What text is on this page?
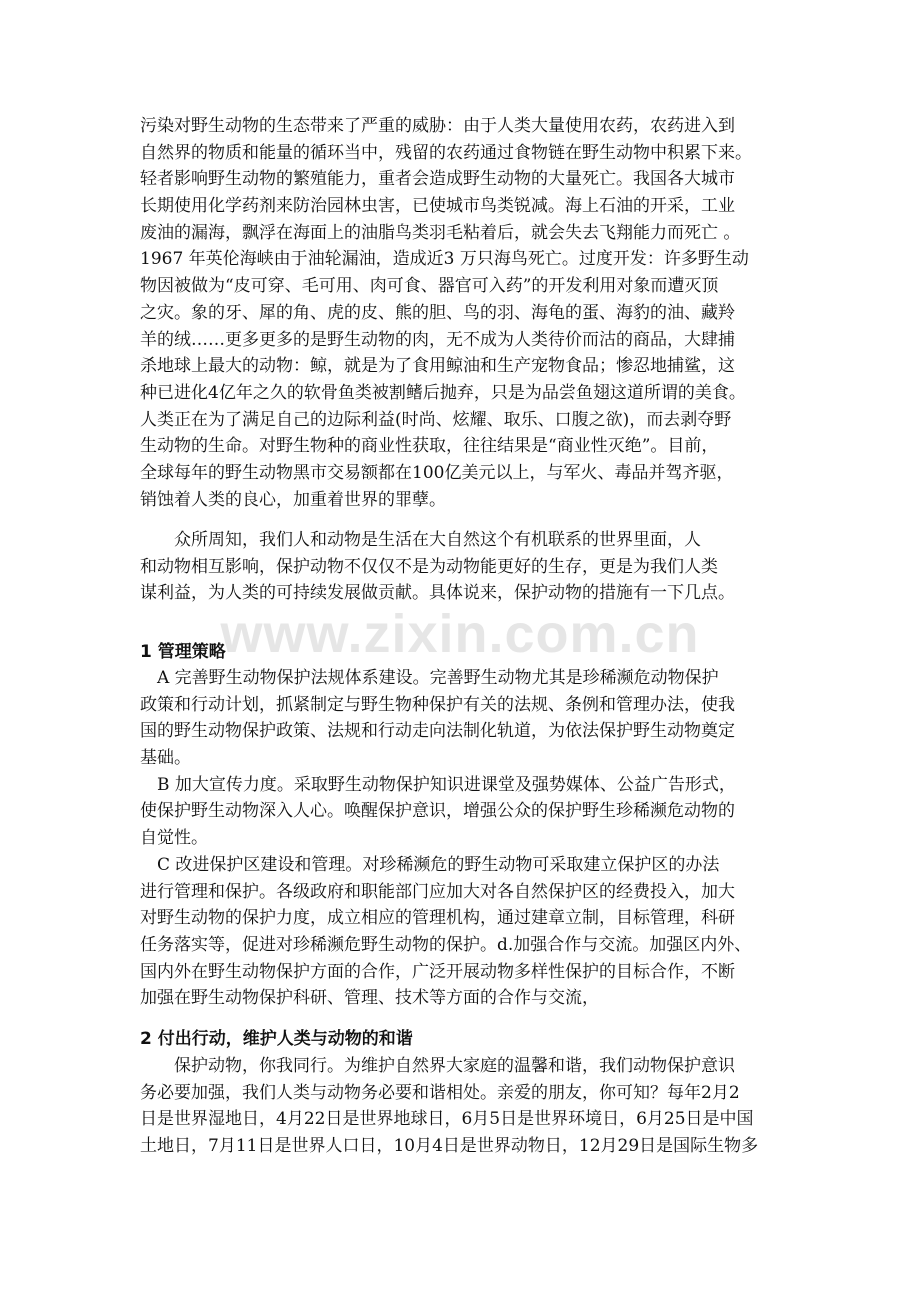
www.zixin.com.cn
污染对野生动物的生态带来了严重的威胁：由于人类大量使用农药，农药进入到
自然界的物质和能量的循环当中，残留的农药通过食物链在野生动物中积累下来。
轻者影响野生动物的繁殖能力，重者会造成野生动物的大量死亡。我国各大城市
长期使用化学药剂来防治园林虫害，已使城市鸟类锐减。海上石油的开采，工业
废油的漏海，飘浮在海面上的油脂鸟类羽毛粘着后，就会失去飞翔能力而死亡 。
1967 年英伦海峡由于油轮漏油，造成近3 万只海鸟死亡。过度开发：许多野生动
物因被做为“皮可穿、毛可用、肉可食、器官可入药”的开发利用对象而遭灭顶
之灾。象的牙、犀的角、虎的皮、熊的胆、鸟的羽、海龟的蛋、海豹的油、藏羚
羊的绒……更多更多的是野生动物的肉，无不成为人类待价而沽的商品，大肆捕
杀地球上最大的动物：鲸，就是为了食用鲸油和生产宠物食品；惨忍地捕鲨，这
种已进化4亿年之久的软骨鱼类被割鳍后抛弃，只是为品尝鱼翅这道所谓的美食。
人类正在为了满足自己的边际利益(时尚、炫耀、取乐、口腹之欲)，而去剥夺野
生动物的生命。对野生物种的商业性获取，往往结果是“商业性灭绝”。目前，
全球每年的野生动物黑市交易额都在100亿美元以上，与军火、毒品并驾齐驱，
销蚀着人类的良心，加重着世界的罪孽。
　　众所周知，我们人和动物是生活在大自然这个有机联系的世界里面，人
和动物相互影响，保护动物不仅仅不是为动物能更好的生存，更是为我们人类
谋利益，为人类的可持续发展做贡献。具体说来，保护动物的措施有一下几点。
1 管理策略
　A 完善野生动物保护法规体系建设。完善野生动物尤其是珍稀濒危动物保护
政策和行动计划，抓紧制定与野生物种保护有关的法规、条例和管理办法，使我
国的野生动物保护政策、法规和行动走向法制化轨道，为依法保护野生动物奠定
基础。
　B 加大宣传力度。采取野生动物保护知识进课堂及强势媒体、公益广告形式，
使保护野生动物深入人心。唤醒保护意识，增强公众的保护野生珍稀濒危动物的
自觉性。
　C 改进保护区建设和管理。对珍稀濒危的野生动物可采取建立保护区的办法
进行管理和保护。各级政府和职能部门应加大对各自然保护区的经费投入，加大
对野生动物的保护力度，成立相应的管理机构，通过建章立制，目标管理，科研
任务落实等，促进对珍稀濒危野生动物的保护。d.加强合作与交流。加强区内外、
国内外在野生动物保护方面的合作，广泛开展动物多样性保护的目标合作，不断
加强在野生动物保护科研、管理、技术等方面的合作与交流，
2 付出行动，维护人类与动物的和谐
　　保护动物，你我同行。为维护自然界大家庭的温馨和谐，我们动物保护意识
务必要加强，我们人类与动物务必要和谐相处。亲爱的朋友，你可知？每年2月2
日是世界湿地日，4月22日是世界地球日，6月5日是世界环境日，6月25日是中国
土地日，7月11日是世界人口日，10月4日是世界动物日，12月29日是国际生物多
